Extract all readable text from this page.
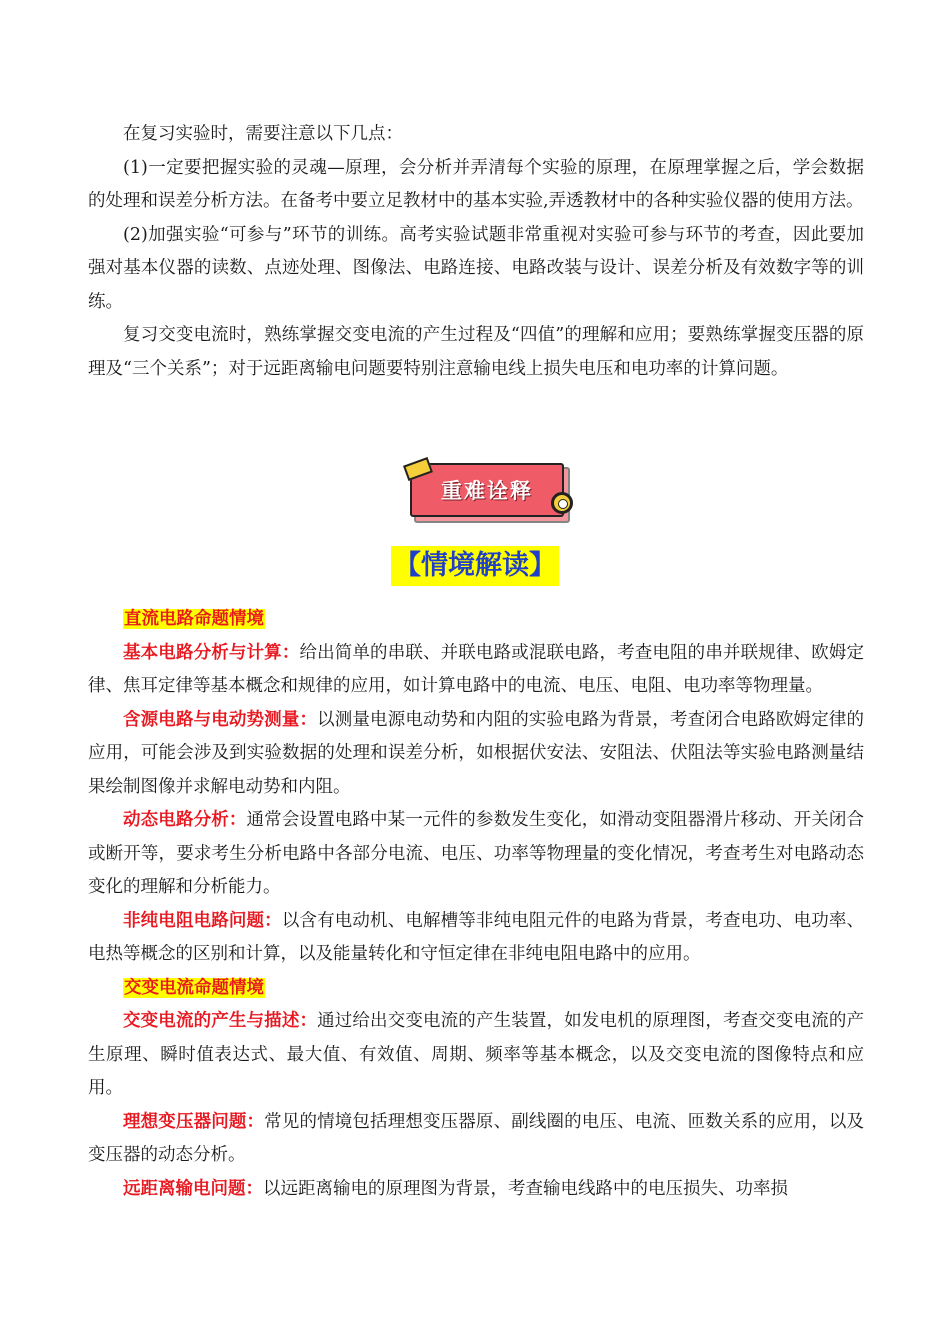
在复习实验时，需要注意以下几点：

(1)一定要把握实验的灵魂—原理，会分析并弄清每个实验的原理，在原理掌握之后，学会数据的处理和误差分析方法。在备考中要立足教材中的基本实验,弄透教材中的各种实验仪器的使用方法。

(2)加强实验“可参与”环节的训练。高考实验试题非常重视对实验可参与环节的考查，因此要加强对基本仪器的读数、点迹处理、图像法、电路连接、电路改装与设计、误差分析及有效数字等的训练。

复习交变电流时，熟练掌握交变电流的产生过程及“四值”的理解和应用；要熟练掌握变压器的原理及“三个关系”；对于远距离输电问题要特别注意输电线上损失电压和电功率的计算问题。

重难诠释
【情境解读】

直流电路命题情境

基本电路分析与计算：给出简单的串联、并联电路或混联电路，考查电阻的串并联规律、欧姆定律、焦耳定律等基本概念和规律的应用，如计算电路中的电流、电压、电阻、电功率等物理量。

含源电路与电动势测量：以测量电源电动势和内阻的实验电路为背景，考查闭合电路欧姆定律的应用，可能会涉及到实验数据的处理和误差分析，如根据伏安法、安阻法、伏阻法等实验电路测量结果绘制图像并求解电动势和内阻。

动态电路分析：通常会设置电路中某一元件的参数发生变化，如滑动变阻器滑片移动、开关闭合或断开等，要求考生分析电路中各部分电流、电压、功率等物理量的变化情况，考查考生对电路动态变化的理解和分析能力。

非纯电阻电路问题：以含有电动机、电解槽等非纯电阻元件的电路为背景，考查电功、电功率、电热等概念的区别和计算，以及能量转化和守恒定律在非纯电阻电路中的应用。

交变电流命题情境

交变电流的产生与描述：通过给出交变电流的产生装置，如发电机的原理图，考查交变电流的产生原理、瞬时值表达式、最大值、有效值、周期、频率等基本概念，以及交变电流的图像特点和应用。

理想变压器问题：常见的情境包括理想变压器原、副线圈的电压、电流、匝数关系的应用，以及变压器的动态分析。

远距离输电问题：以远距离输电的原理图为背景，考查输电线路中的电压损失、功率损
